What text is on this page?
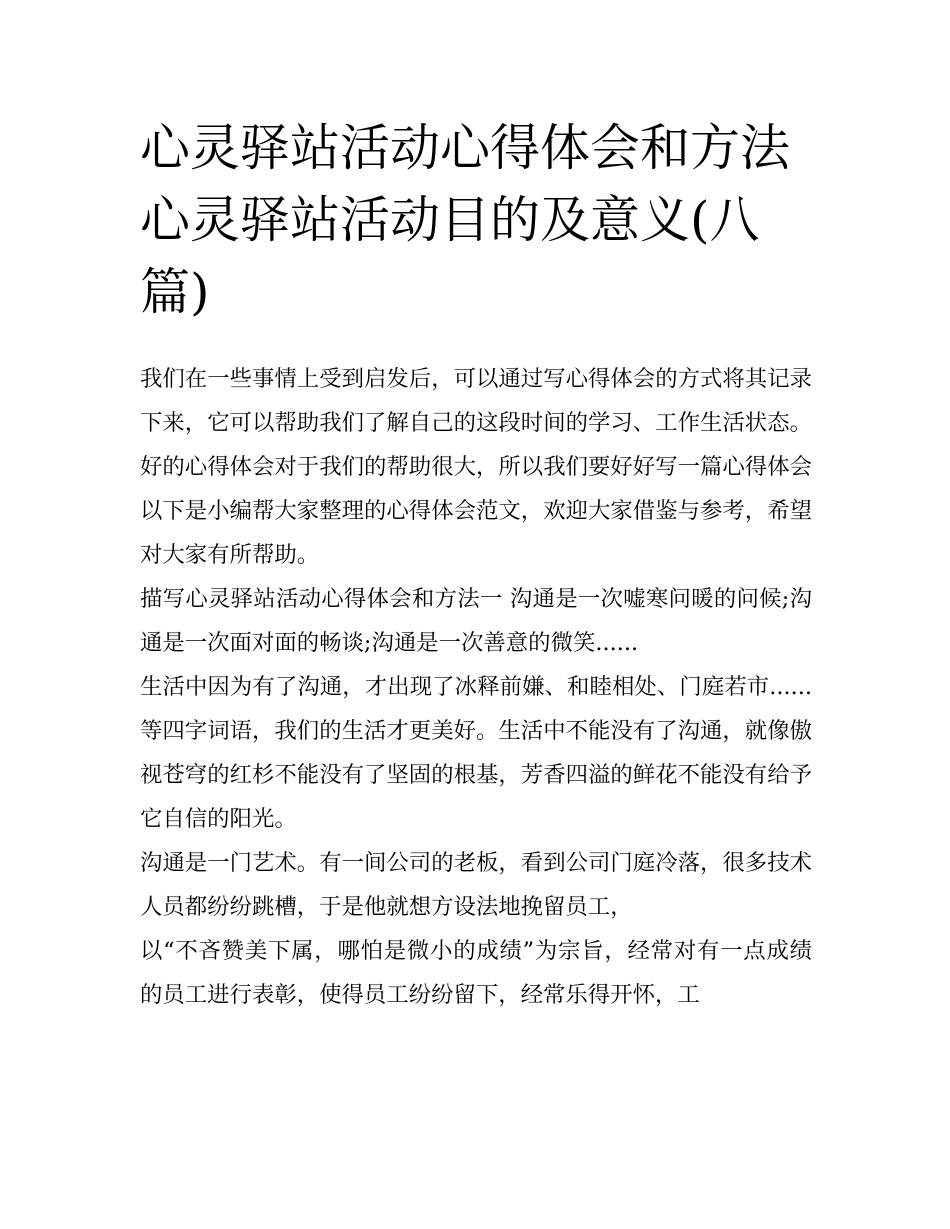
心灵驿站活动心得体会和方法心灵驿站活动目的及意义(八篇)

我们在一些事情上受到启发后，可以通过写心得体会的方式将其记录下来，它可以帮助我们了解自己的这段时间的学习、工作生活状态。好的心得体会对于我们的帮助很大，所以我们要好好写一篇心得体会以下是小编帮大家整理的心得体会范文，欢迎大家借鉴与参考，希望对大家有所帮助。

描写心灵驿站活动心得体会和方法一 沟通是一次嘘寒问暖的问候;沟通是一次面对面的畅谈;沟通是一次善意的微笑......

生活中因为有了沟通，才出现了冰释前嫌、和睦相处、门庭若市......等四字词语，我们的生活才更美好。生活中不能没有了沟通，就像傲视苍穹的红杉不能没有了坚固的根基，芳香四溢的鲜花不能没有给予它自信的阳光。

沟通是一门艺术。有一间公司的老板，看到公司门庭冷落，很多技术人员都纷纷跳槽，于是他就想方设法地挽留员工，

以“不吝赞美下属，哪怕是微小的成绩”为宗旨，经常对有一点成绩的员工进行表彰，使得员工纷纷留下，经常乐得开怀，工
